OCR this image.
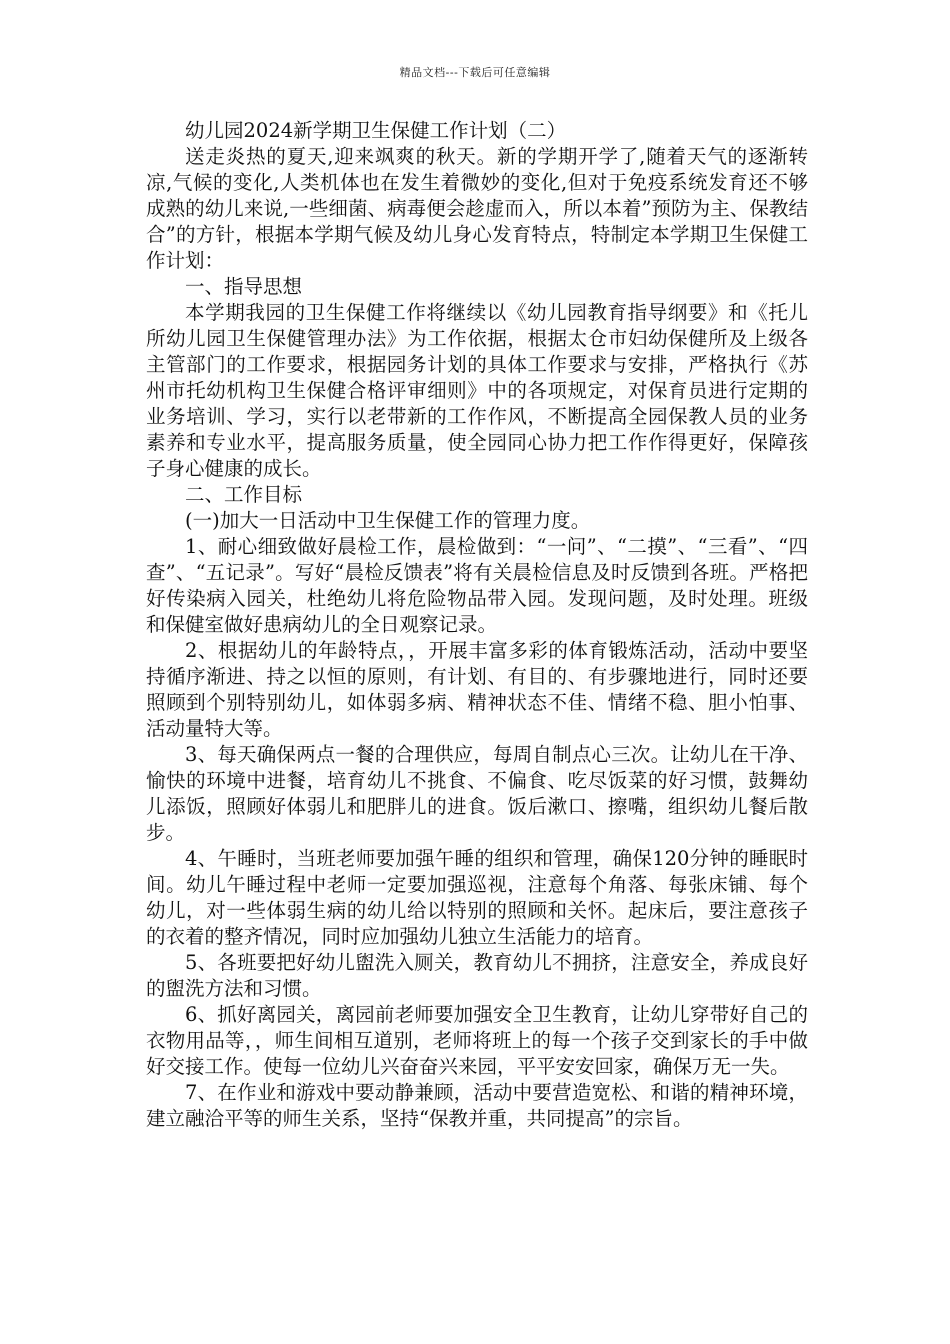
精品文档---下载后可任意编辑

幼儿园2024新学期卫生保健工作计划（二）

送走炎热的夏天,迎来飒爽的秋天。新的学期开学了,随着天气的逐渐转凉,气候的变化,人类机体也在发生着微妙的变化,但对于免疫系统发育还不够成熟的幼儿来说,一些细菌、病毒便会趁虚而入，所以本着”预防为主、保教结合”的方针，根据本学期气候及幼儿身心发育特点，特制定本学期卫生保健工作计划：

一、指导思想

本学期我园的卫生保健工作将继续以《幼儿园教育指导纲要》和《托儿所幼儿园卫生保健管理办法》为工作依据，根据太仓市妇幼保健所及上级各主管部门的工作要求，根据园务计划的具体工作要求与安排，严格执行《苏州市托幼机构卫生保健合格评审细则》中的各项规定，对保育员进行定期的业务培训、学习，实行以老带新的工作作风，不断提高全园保教人员的业务素养和专业水平，提高服务质量，使全园同心协力把工作作得更好，保障孩子身心健康的成长。

二、工作目标

(一)加大一日活动中卫生保健工作的管理力度。

1、耐心细致做好晨检工作，晨检做到：“一问”、“二摸”、“三看”、“四查”、“五记录”。写好“晨检反馈表”将有关晨检信息及时反馈到各班。严格把好传染病入园关，杜绝幼儿将危险物品带入园。发现问题，及时处理。班级和保健室做好患病幼儿的全日观察记录。

2、根据幼儿的年龄特点，，开展丰富多彩的体育锻炼活动，活动中要坚持循序渐进、持之以恒的原则，有计划、有目的、有步骤地进行，同时还要照顾到个别特别幼儿，如体弱多病、精神状态不佳、情绪不稳、胆小怕事、活动量特大等。

3、每天确保两点一餐的合理供应，每周自制点心三次。让幼儿在干净、愉快的环境中进餐，培育幼儿不挑食、不偏食、吃尽饭菜的好习惯，鼓舞幼儿添饭，照顾好体弱儿和肥胖儿的进食。饭后漱口、擦嘴，组织幼儿餐后散步。

4、午睡时，当班老师要加强午睡的组织和管理，确保120分钟的睡眠时间。幼儿午睡过程中老师一定要加强巡视，注意每个角落、每张床铺、每个幼儿，对一些体弱生病的幼儿给以特别的照顾和关怀。起床后，要注意孩子的衣着的整齐情况，同时应加强幼儿独立生活能力的培育。

5、各班要把好幼儿盥洗入厕关，教育幼儿不拥挤，注意安全，养成良好的盥洗方法和习惯。

6、抓好离园关，离园前老师要加强安全卫生教育，让幼儿穿带好自己的衣物用品等，，师生间相互道别，老师将班上的每一个孩子交到家长的手中做好交接工作。使每一位幼儿兴奋奋兴来园，平平安安回家，确保万无一失。

7、在作业和游戏中要动静兼顾，活动中要营造宽松、和谐的精神环境，建立融洽平等的师生关系，坚持“保教并重，共同提高”的宗旨。
